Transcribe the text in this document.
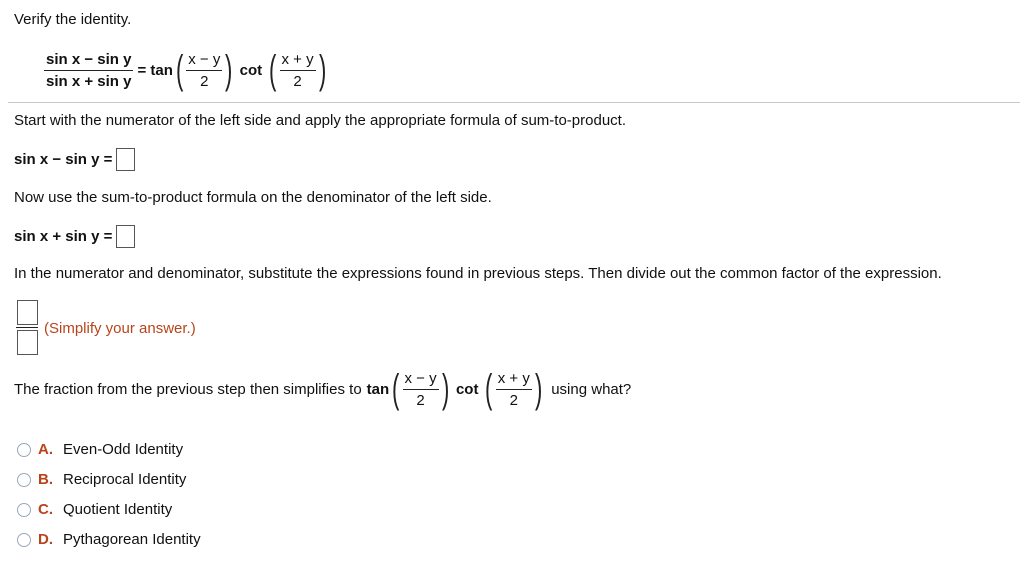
Verify the identity.
$\frac{\text{sin x − sin y}}{\text{sin x + sin y}} = \tan$ ( $\frac{x - y}{2}$ ) cot ( $\frac{x + y}{2}$ )
Start with the numerator of the left side and apply the appropriate formula of sum-to-product.
sin x − sin y =
Now use the sum-to-product formula on the denominator of the left side.
sin x + sin y =
In the numerator and denominator, substitute the expressions found in previous steps. Then divide out the common factor of the expression.
(Simplify your answer.)
The fraction from the previous step then simplifies to tan ( $\frac{x - y}{2}$ ) cot ( $\frac{x + y}{2}$ ) using what?
A. Even-Odd Identity
B. Reciprocal Identity
C. Quotient Identity
D. Pythagorean Identity
